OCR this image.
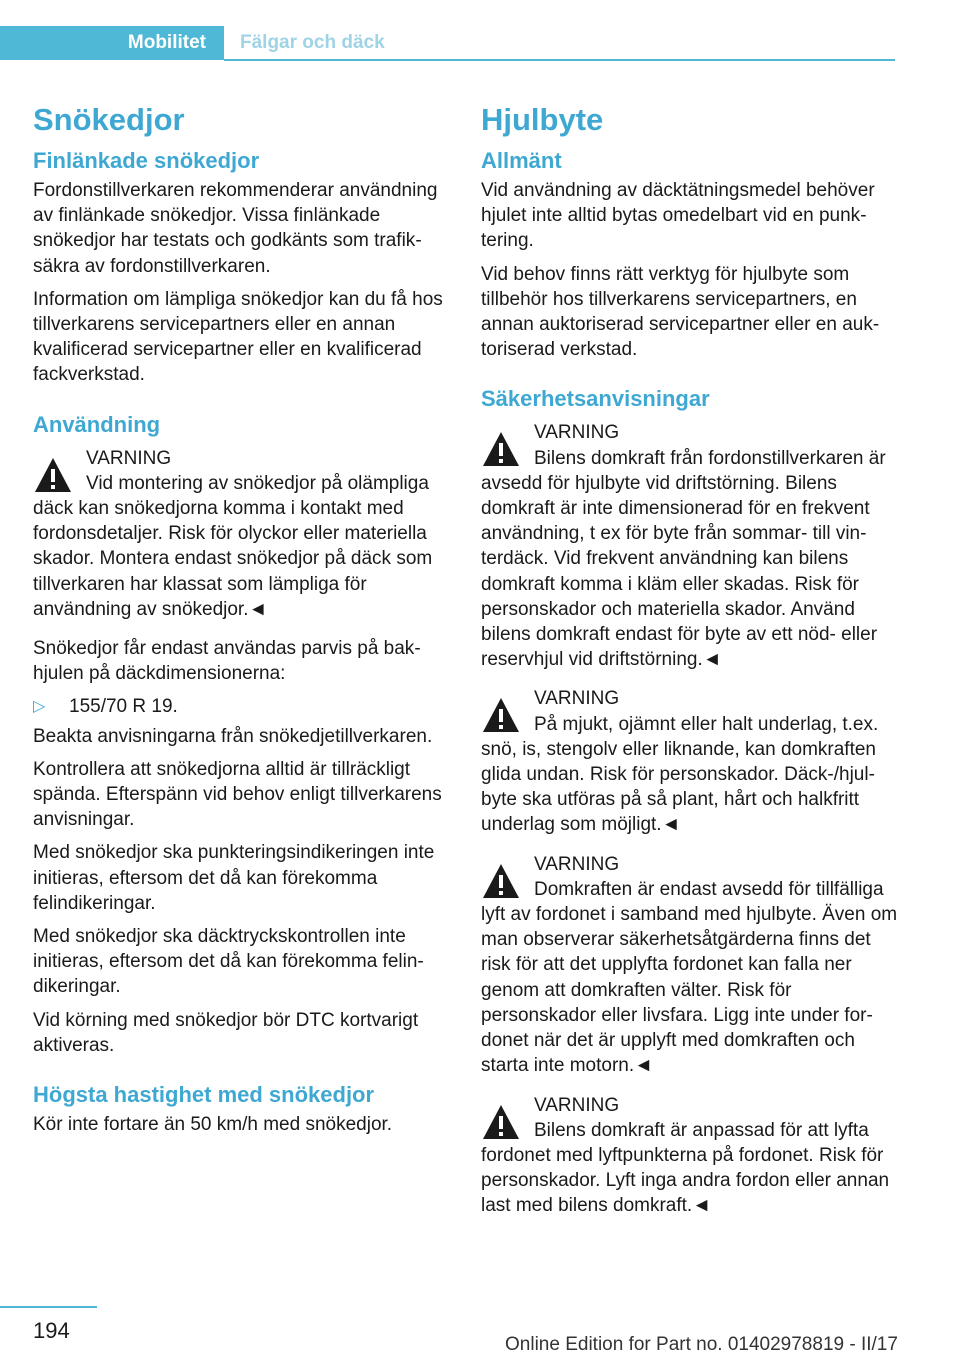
Mobilitet Fälgar och däck
Snökedjor
Finlänkade snökedjor

Fordonstillverkaren rekommenderar användning av finlänkade snökedjor. Vissa finlänkade snökedjor har testats och godkänts som trafiksäkra av fordonstillverkaren.

Information om lämpliga snökedjor kan du få hos tillverkarens servicepartners eller en annan kvalificerad servicepartner eller en kvalificerad fackverkstad.

Användning

VARNING

Vid montering av snökedjor på olämpliga däck kan snökedjorna komma i kontakt med fordonsdetaljer. Risk för olyckor eller materiella skador. Montera endast snökedjor på däck som tillverkaren har klassat som lämpliga för användning av snökedjor.◄

Snökedjor får endast användas parvis på bakhjulen på däckdimensionerna:

▷ 155/70 R 19.

Beakta anvisningarna från snökedjetillverkaren.

Kontrollera att snökedjorna alltid är tillräckligt spända. Efterspänn vid behov enligt tillverkarens anvisningar.

Med snökedjor ska punkteringsindikeringen inte initieras, eftersom det då kan förekomma felindikeringar.

Med snökedjor ska däcktryckskontrollen inte initieras, eftersom det då kan förekomma felindikeringar.

Vid körning med snökedjor bör DTC kortvarigt aktiveras.

Högsta hastighet med snökedjor

Kör inte fortare än 50 km/h med snökedjor.

Hjulbyte
Allmänt

Vid användning av däcktätningsmedel behöver hjulet inte alltid bytas omedelbart vid en punktering.

Vid behov finns rätt verktyg för hjulbyte som tillbehör hos tillverkarens servicepartners, en annan auktoriserad servicepartner eller en auktoriserad verkstad.

Säkerhetsanvisningar

VARNING

Bilens domkraft från fordonstillverkaren är avsedd för hjulbyte vid driftstörning. Bilens domkraft är inte dimensionerad för en frekvent användning, t ex för byte från sommar- till vinterdäck. Vid frekvent användning kan bilens domkraft komma i kläm eller skadas. Risk för personskador och materiella skador. Använd bilens domkraft endast för byte av ett nöd- eller reservhjul vid driftstörning.◄

VARNING

På mjukt, ojämnt eller halt underlag, t.ex. snö, is, stengolv eller liknande, kan domkraften glida undan. Risk för personskador. Däck-/hjulbyte ska utföras på så plant, hårt och halkfritt underlag som möjligt.◄

VARNING

Domkraften är endast avsedd för tillfälliga lyft av fordonet i samband med hjulbyte. Även om man observerar säkerhetsåtgärderna finns det risk för att det upplyfta fordonet kan falla ner genom att domkraften välter. Risk för personskador eller livsfara. Ligg inte under fordonet när det är upplyft med domkraften och starta inte motorn.◄

VARNING

Bilens domkraft är anpassad för att lyfta fordonet med lyftpunkterna på fordonet. Risk för personskador. Lyft inga andra fordon eller annan last med bilens domkraft.◄

194
Online Edition for Part no. 01402978819 - II/17
